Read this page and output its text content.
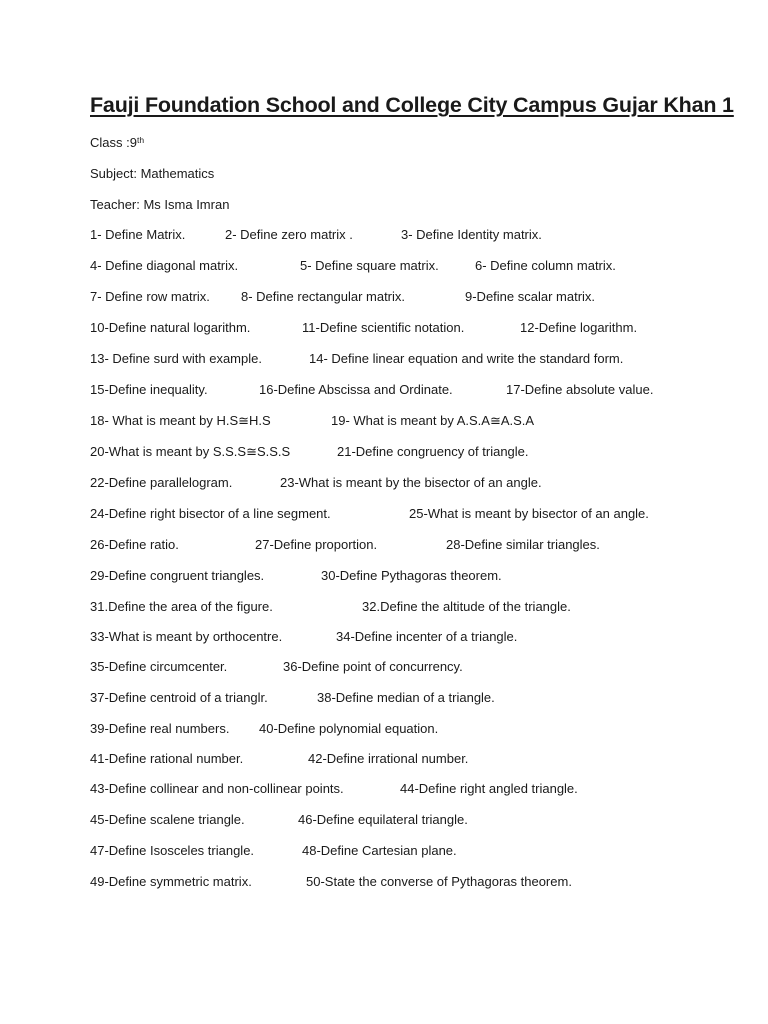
Fauji Foundation School and College City Campus Gujar Khan 1
Class :9th
Subject: Mathematics
Teacher: Ms Isma Imran
1- Define Matrix.	2- Define zero matrix .	3- Define Identity matrix.
4- Define diagonal matrix.	5- Define square matrix.	6- Define column matrix.
7- Define row matrix. 8- Define rectangular matrix.	9-Define scalar matrix.
10-Define natural logarithm.	11-Define scientific notation.	12-Define logarithm.
13- Define surd with example.	14- Define linear equation and write the standard form.
15-Define inequality.	16-Define Abscissa and Ordinate.	17-Define absolute value.
18- What is meant by H.S≅H.S	19- What is meant by A.S.A≅A.S.A
20-What is meant by S.S.S≅S.S.S	21-Define congruency of triangle.
22-Define parallelogram.	23-What is meant by the bisector of an angle.
24-Define right bisector of a line segment.	25-What is meant by bisector of an angle.
26-Define ratio.	27-Define proportion.	28-Define similar triangles.
29-Define congruent triangles.	30-Define Pythagoras theorem.
31.Define the area of the figure.	32.Define the altitude of the triangle.
33-What is meant by orthocentre.	34-Define incenter of a triangle.
35-Define circumcenter.	36-Define point of concurrency.
37-Define centroid of a trianglr.	38-Define median of a triangle.
39-Define real numbers. 40-Define polynomial equation.
41-Define rational number.	42-Define irrational number.
43-Define collinear and non-collinear points.	44-Define right angled triangle.
45-Define scalene triangle.	46-Define equilateral triangle.
47-Define Isosceles triangle.	48-Define Cartesian plane.
49-Define symmetric matrix.	50-State the converse of Pythagoras theorem.
